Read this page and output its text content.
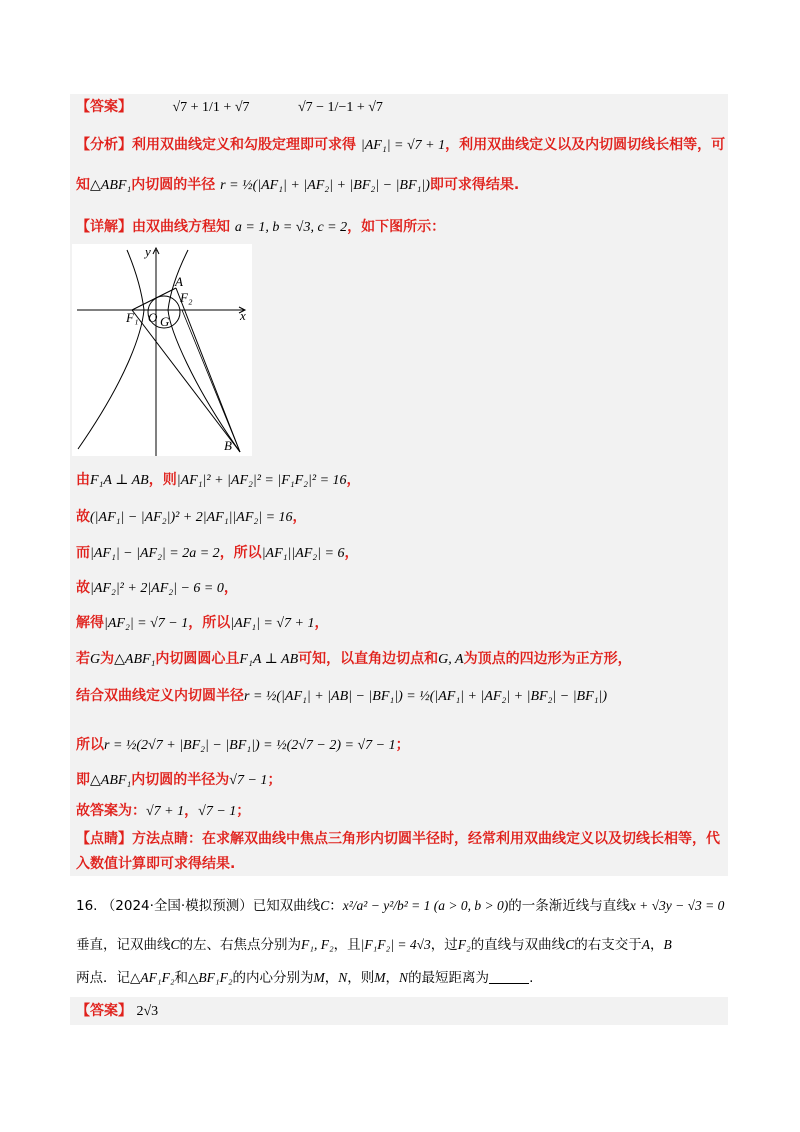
【答案】	√7 + 1/1 + √7	√7 − 1/−1 + √7
【分析】利用双曲线定义和勾股定理即可求得 |AF₁| = √7 + 1，利用双曲线定义以及内切圆切线长相等，可
知△ABF₁内切圆的半径 r = ½(|AF₁| + |AF₂| + |BF₂| − |BF₁|)即可求得结果.
【详解】由双曲线方程知 a = 1, b = √3, c = 2，如下图所示：
y
x
A
F₂
F₁ O G
B
由F₁A ⊥ AB，则|AF₁|² + |AF₂|² = |F₁F₂|² = 16，
故(|AF₁| − |AF₂|)² + 2|AF₁||AF₂| = 16，
而|AF₁| − |AF₂| = 2a = 2，所以|AF₁||AF₂| = 6，
故|AF₂|² + 2|AF₂| − 6 = 0，
解得|AF₂| = √7 − 1，所以|AF₁| = √7 + 1，
若G为△ABF₁内切圆圆心且F₁A ⊥ AB可知，以直角边切点和G, A为顶点的四边形为正方形，
结合双曲线定义内切圆半径r = ½(|AF₁| + |AB| − |BF₁|) = ½(|AF₁| + |AF₂| + |BF₂| − |BF₁|)
所以r = ½(2√7 + |BF₂| − |BF₁|) = ½(2√7 − 2) = √7 − 1；
即△ABF₁内切圆的半径为√7 − 1；
故答案为：√7 + 1，√7 − 1；
【点睛】方法点睛：在求解双曲线中焦点三角形内切圆半径时，经常利用双曲线定义以及切线长相等，代
入数值计算即可求得结果.
16. （2024·全国·模拟预测）已知双曲线C：x²/a² − y²/b² = 1 (a > 0, b > 0)的一条渐近线与直线x + √3y − √3 = 0
垂直，记双曲线C的左、右焦点分别为F₁, F₂，且|F₁F₂| = 4√3，过F₂的直线与双曲线C的右支交于A，B
两点．记△AF₁F₂和△BF₁F₂的内心分别为M，N，则M，N的最短距离为	.
【答案】 2√3
